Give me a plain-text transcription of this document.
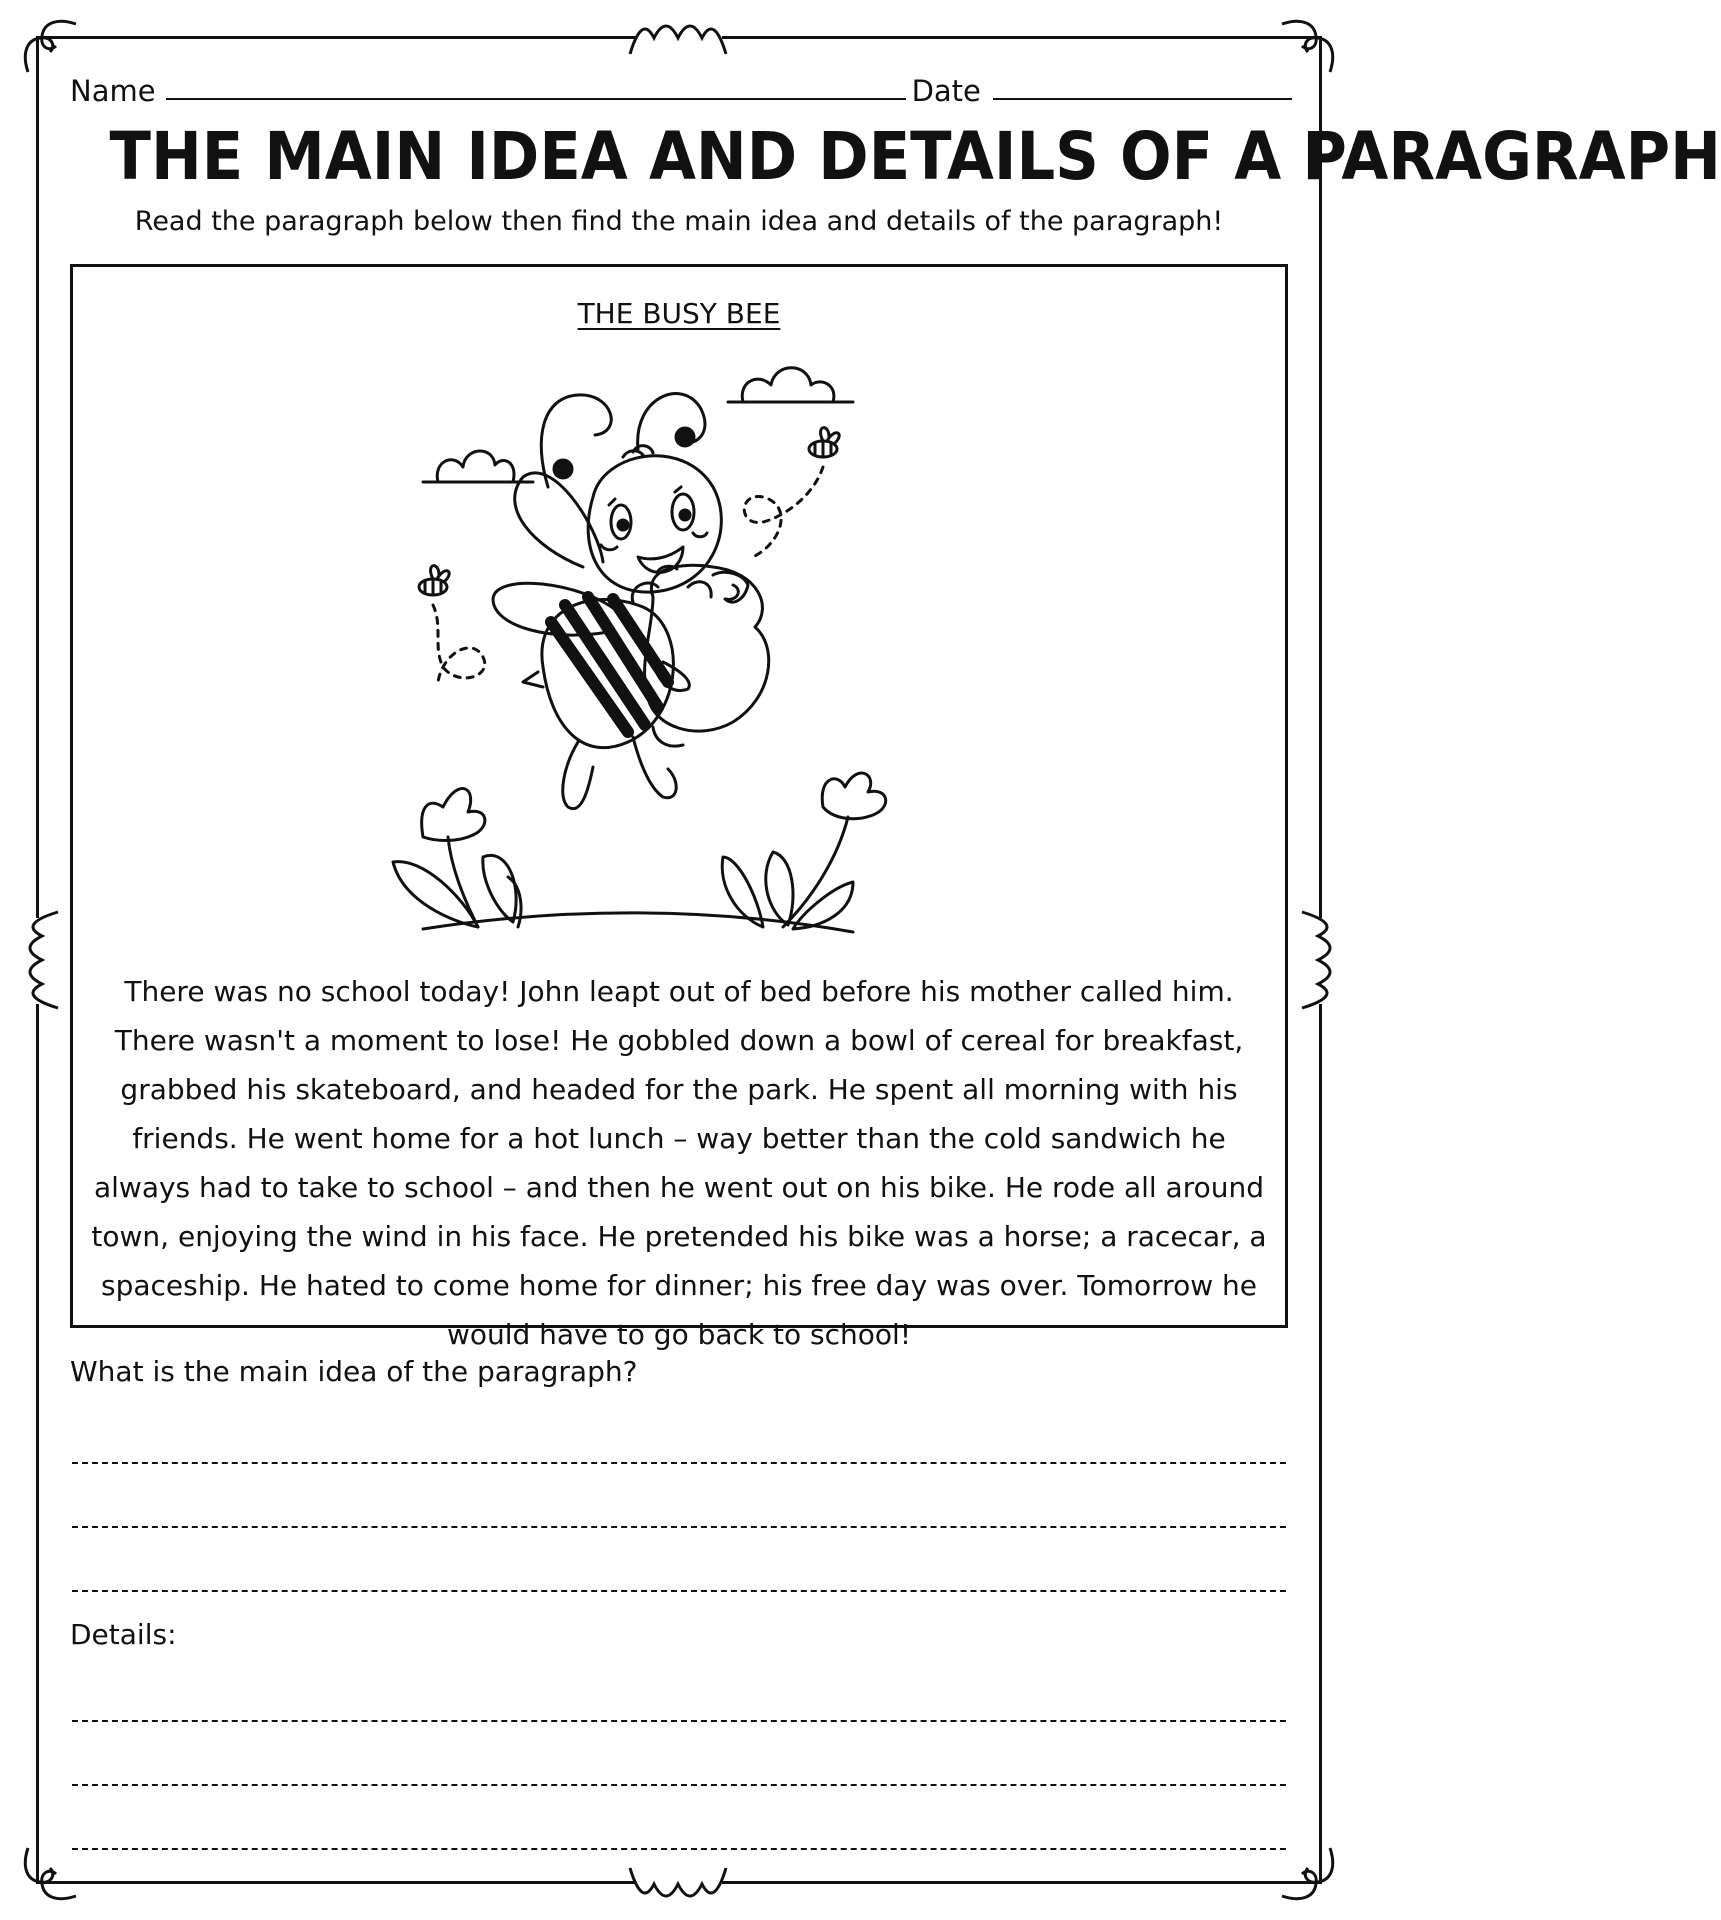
Name	Date
THE MAIN IDEA AND DETAILS OF A PARAGRAPH
Read the paragraph below then find the main idea and details of the paragraph!
THE BUSY BEE
There was no school today! John leapt out of bed before his mother called him. There wasn't a moment to lose! He gobbled down a bowl of cereal for breakfast, grabbed his skateboard, and headed for the park. He spent all morning with his friends. He went home for a hot lunch – way better than the cold sandwich he always had to take to school – and then he went out on his bike. He rode all around town, enjoying the wind in his face. He pretended his bike was a horse; a racecar, a spaceship. He hated to come home for dinner; his free day was over. Tomorrow he would have to go back to school!
What is the main idea of the paragraph?
Details:
